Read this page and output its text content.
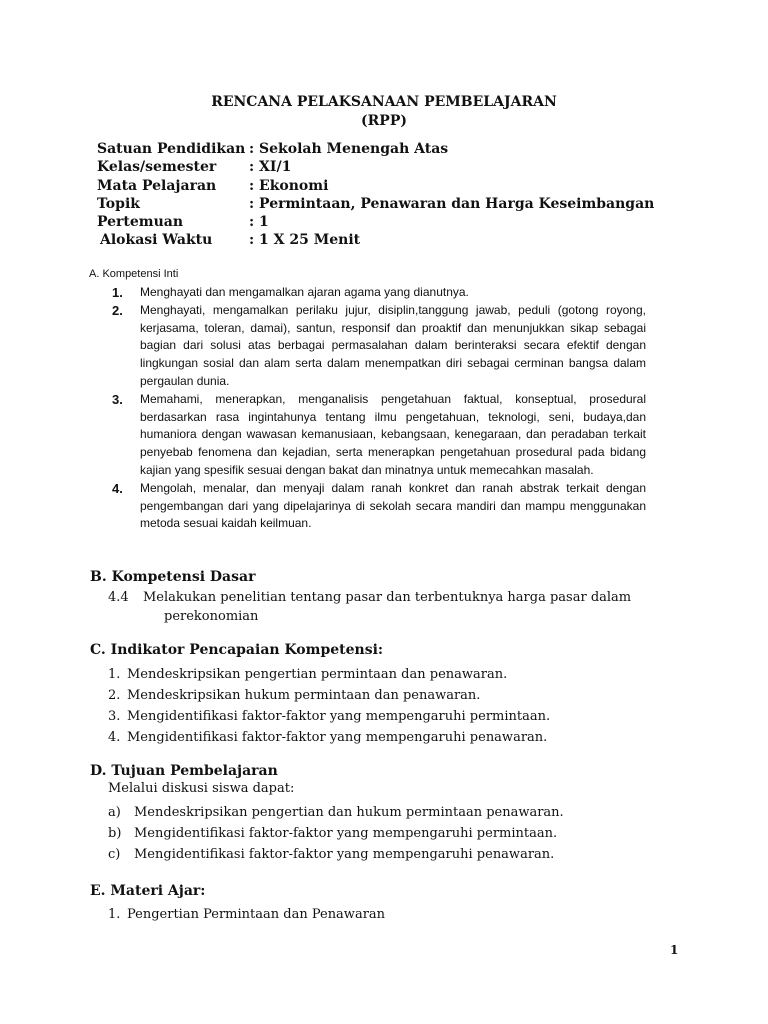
RENCANA PELAKSANAAN PEMBELAJARAN
(RPP)
Satuan Pendidikan : Sekolah Menengah Atas
Kelas/semester : XI/1
Mata Pelajaran : Ekonomi
Topik	: Permintaan, Penawaran dan Harga Keseimbangan
Pertemuan	: 1
Alokasi Waktu	: 1 X 25 Menit
A. Kompetensi Inti
1.	Menghayati dan mengamalkan ajaran agama yang dianutnya.
2.	Menghayati, mengamalkan perilaku jujur, disiplin,tanggung jawab, peduli (gotong royong, kerjasama, toleran, damai), santun, responsif dan proaktif dan menunjukkan sikap sebagai bagian dari solusi atas berbagai permasalahan dalam berinteraksi secara efektif dengan lingkungan sosial dan alam serta dalam menempatkan diri sebagai cerminan bangsa dalam pergaulan dunia.
3.	Memahami, menerapkan, menganalisis pengetahuan faktual, konseptual, prosedural berdasarkan rasa ingintahunya tentang ilmu pengetahuan, teknologi, seni, budaya,dan humaniora dengan wawasan kemanusiaan, kebangsaan, kenegaraan, dan peradaban terkait penyebab fenomena dan kejadian, serta menerapkan pengetahuan prosedural pada bidang kajian yang spesifik sesuai dengan bakat dan minatnya untuk memecahkan masalah.
4.	Mengolah, menalar, dan menyaji dalam ranah konkret dan ranah abstrak terkait dengan pengembangan dari yang dipelajarinya di sekolah secara mandiri dan mampu menggunakan metoda sesuai kaidah keilmuan.
B. Kompetensi Dasar
4.4	Melakukan penelitian tentang pasar dan terbentuknya harga pasar dalam
perekonomian
C. Indikator Pencapaian Kompetensi:
1. Mendeskripsikan pengertian permintaan dan penawaran.
2. Mendeskripsikan hukum permintaan dan penawaran.
3. Mengidentifikasi faktor-faktor yang mempengaruhi permintaan.
4. Mengidentifikasi faktor-faktor yang mempengaruhi penawaran.
D. Tujuan Pembelajaran
Melalui diskusi siswa dapat:
a) Mendeskripsikan pengertian dan hukum permintaan penawaran.
b) Mengidentifikasi faktor-faktor yang mempengaruhi permintaan.
c) Mengidentifikasi faktor-faktor yang mempengaruhi penawaran.
E. Materi Ajar:
1. Pengertian Permintaan dan Penawaran
1
